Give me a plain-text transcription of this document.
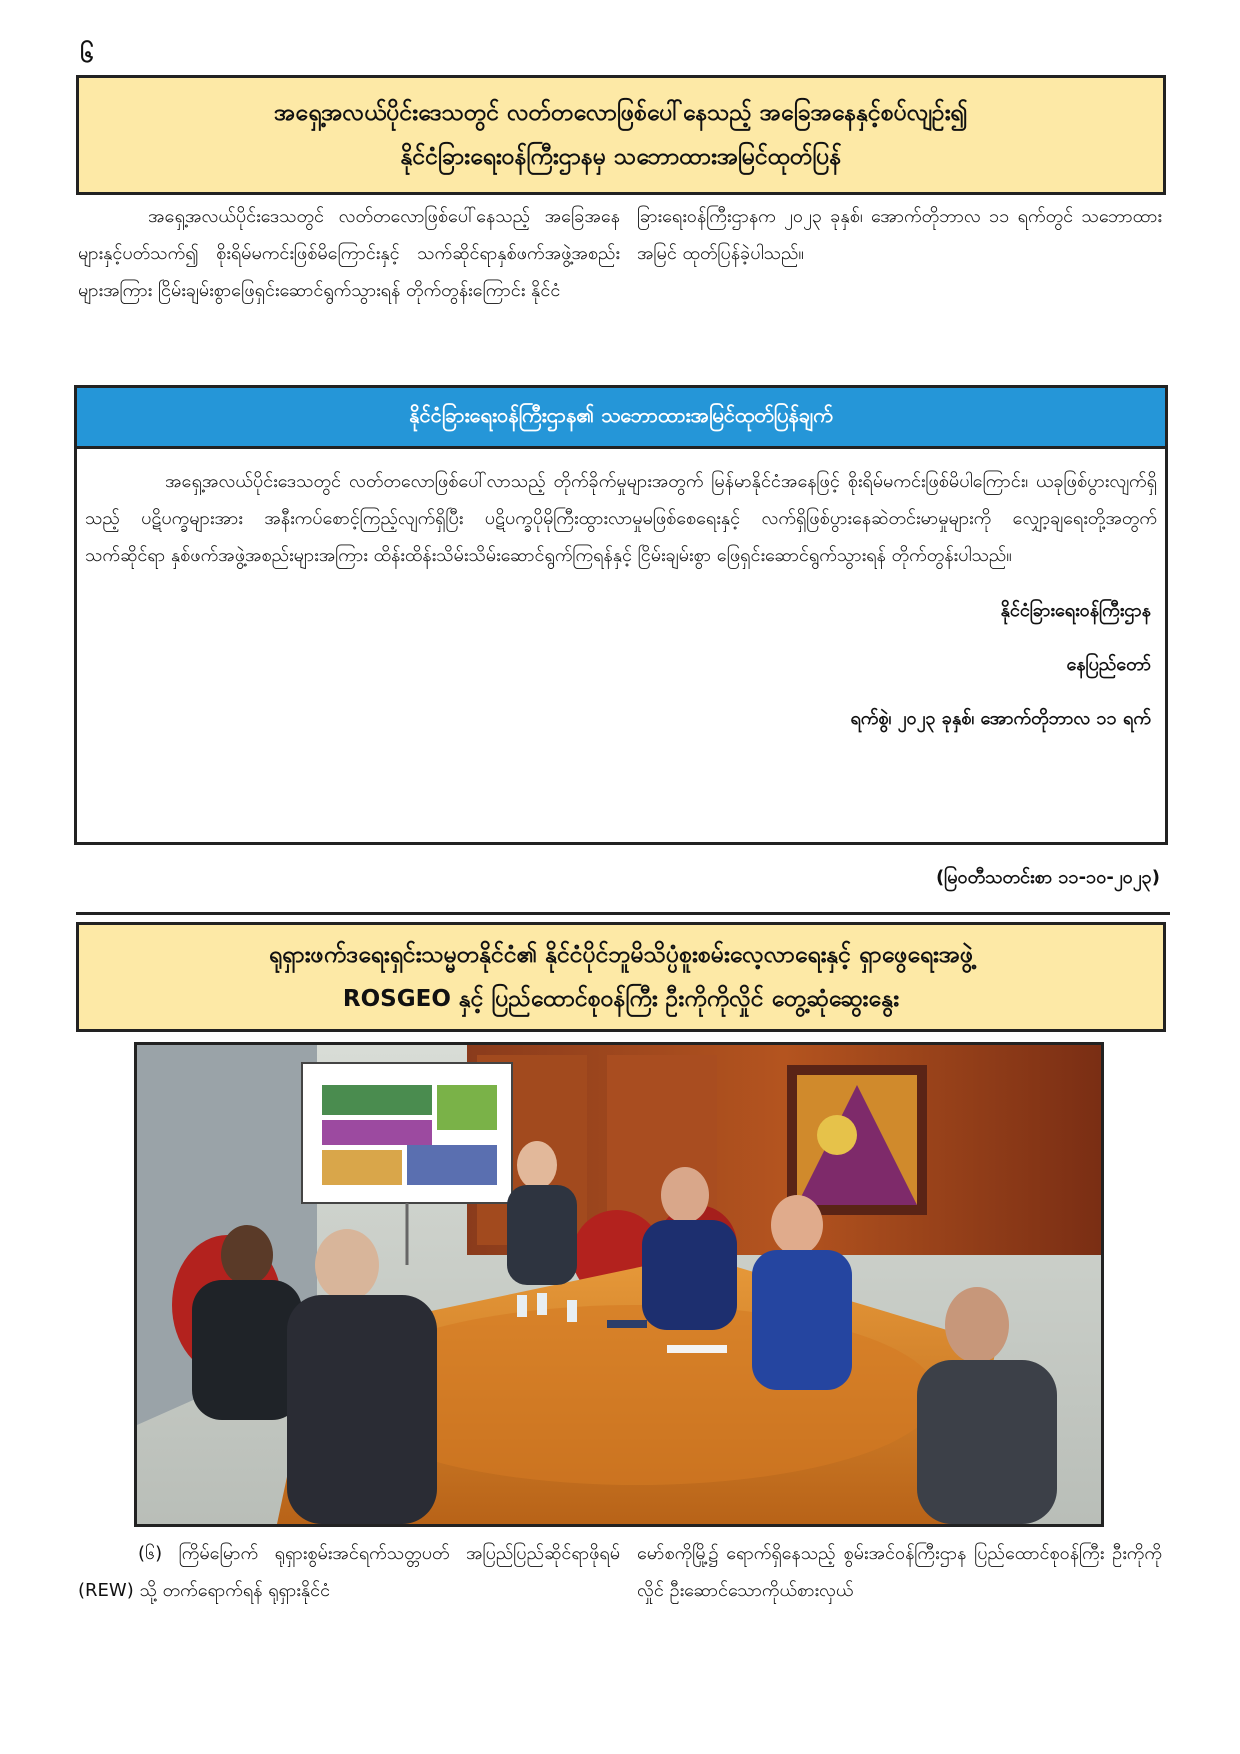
၆
အရှေ့အလယ်ပိုင်းဒေသတွင် လတ်တလောဖြစ်ပေါ်နေသည့် အခြေအနေနှင့်စပ်လျဉ်း၍
နိုင်ငံခြားရေးဝန်ကြီးဌာနမှ သဘောထားအမြင်ထုတ်ပြန်

အရှေ့အလယ်ပိုင်းဒေသတွင် လတ်တလောဖြစ်ပေါ်နေသည့် အခြေအနေများနှင့်ပတ်သက်၍ စိုးရိမ်မကင်းဖြစ်မိကြောင်းနှင့် သက်ဆိုင်ရာနှစ်ဖက်အဖွဲ့အစည်းများအကြား ငြိမ်းချမ်းစွာဖြေရှင်းဆောင်ရွက်သွားရန် တိုက်တွန်းကြောင်း နိုင်ငံ

ခြားရေးဝန်ကြီးဌာနက ၂၀၂၃ ခုနှစ်၊ အောက်တိုဘာလ ၁၁ ရက်တွင် သဘောထားအမြင် ထုတ်ပြန်ခဲ့ပါသည်။

နိုင်ငံခြားရေးဝန်ကြီးဌာန၏ သဘောထားအမြင်ထုတ်ပြန်ချက်

အရှေ့အလယ်ပိုင်းဒေသတွင် လတ်တလောဖြစ်ပေါ်လာသည့် တိုက်ခိုက်မှုများအတွက် မြန်မာနိုင်ငံအနေဖြင့် စိုးရိမ်မကင်းဖြစ်မိပါကြောင်း၊ ယခုဖြစ်ပွားလျက်ရှိသည့် ပဋိပက္ခများအား အနီးကပ်စောင့်ကြည့်လျက်ရှိပြီး ပဋိပက္ခပိုမိုကြီးထွားလာမှုမဖြစ်စေရေးနှင့် လက်ရှိဖြစ်ပွားနေဆဲတင်းမာမှုများကို လျှော့ချရေးတို့အတွက် သက်ဆိုင်ရာ နှစ်ဖက်အဖွဲ့အစည်းများအကြား ထိန်းထိန်းသိမ်းသိမ်းဆောင်ရွက်ကြရန်နှင့် ငြိမ်းချမ်းစွာ ဖြေရှင်းဆောင်ရွက်သွားရန် တိုက်တွန်းပါသည်။

နိုင်ငံခြားရေးဝန်ကြီးဌာန
နေပြည်တော်
ရက်စွဲ၊ ၂၀၂၃ ခုနှစ်၊ အောက်တိုဘာလ ၁၁ ရက်
(မြဝတီသတင်းစာ ၁၁-၁၀-၂၀၂၃)
ရုရှားဖက်ဒရေးရှင်းသမ္မတနိုင်ငံ၏ နိုင်ငံပိုင်ဘူမိသိပ္ပံစူးစမ်းလေ့လာရေးနှင့် ရှာဖွေရေးအဖွဲ့
ROSGEO နှင့် ပြည်ထောင်စုဝန်ကြီး ဦးကိုကိုလှိုင် တွေ့ဆုံဆွေးနွေး

(၆) ကြိမ်မြောက် ရုရှားစွမ်းအင်ရက်သတ္တပတ် အပြည်ပြည်ဆိုင်ရာဖိုရမ် (REW) သို့ တက်ရောက်ရန် ရုရှားနိုင်ငံ

မော်စကိုမြို့၌ ရောက်ရှိနေသည့် စွမ်းအင်ဝန်ကြီးဌာန ပြည်ထောင်စုဝန်ကြီး ဦးကိုကိုလှိုင် ဦးဆောင်သောကိုယ်စားလှယ်
